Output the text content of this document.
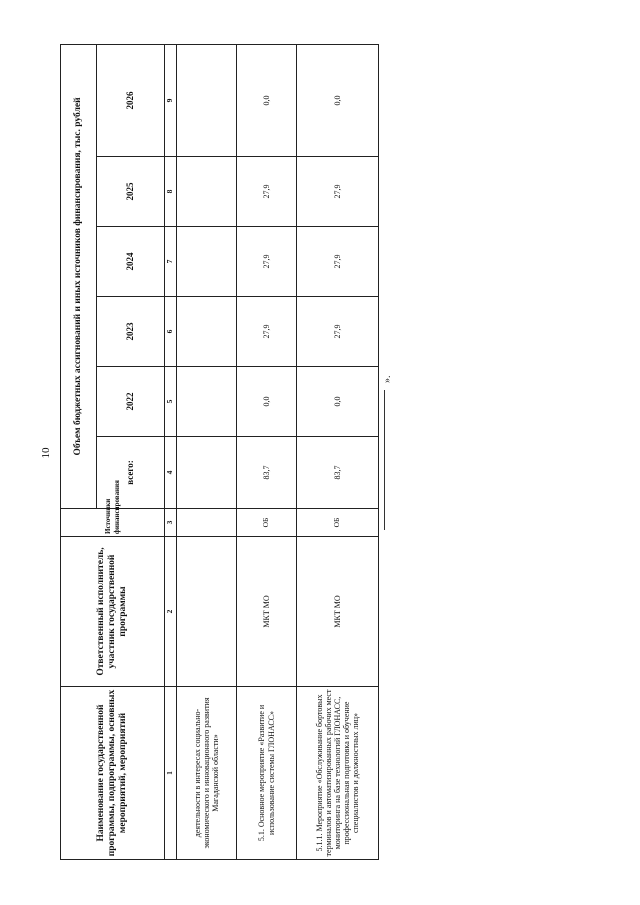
10
Наименование государственной программы, подпрограммы, основных мероприятий, мероприятий	Ответственный исполнитель, участник государственной программы	Источники финансирования	Объем бюджетных ассигнований и иных источников финансирования, тыс. рублей					
			всего:	2022	2023	2024	2025	2026
1	2	3	4	5	6	7	8	9
деятельности в интересах социально-экономического и инновационного развития Магаданской области»								
5.1. Основное мероприятие «Развитие и использование системы ГЛОНАСС»	МКТ МО	ОБ	83,7	0,0	27,9	27,9	27,9	0,0
5.1.1. Мероприятие «Обслуживание бортовых терминалов и автоматизированных рабочих мест мониторинга на базе технологий ГЛОНАСС, профессиональная подготовка и обучение специалистов и должностных лиц»	МКТ МО	ОБ	83,7	0,0	27,9	27,9	27,9	0,0
».
